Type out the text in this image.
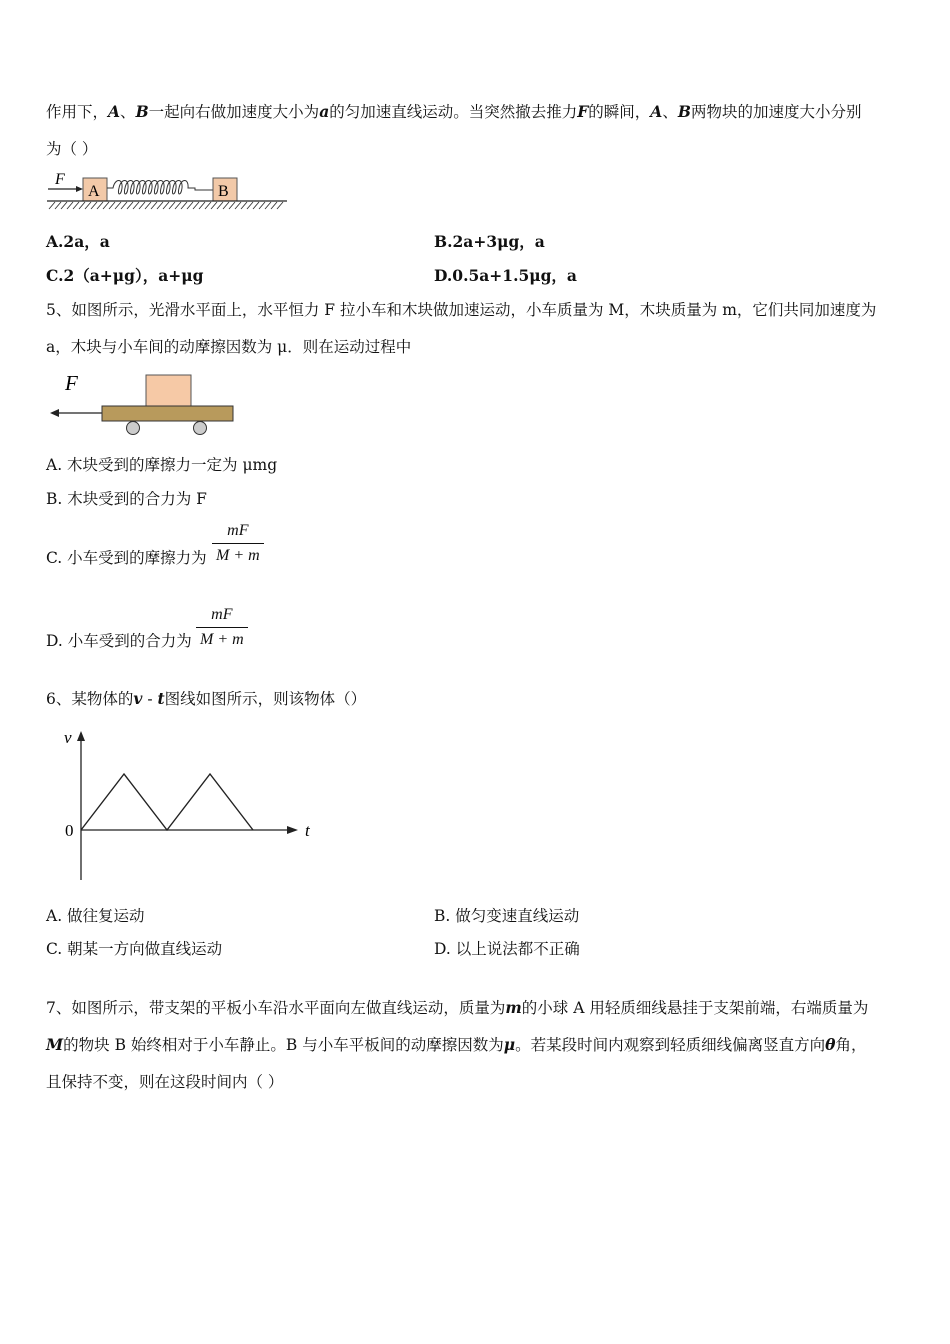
作用下，A、B一起向右做加速度大小为a的匀加速直线运动。当突然撤去推力F的瞬间，A、B两物块的加速度大小分别
为（ ）
F
A	B
A.2a，a	B.2a+3μg，a
C.2（a+μg），a+μg	D.0.5a+1.5μg，a
5、如图所示，光滑水平面上，水平恒力 F 拉小车和木块做加速运动，小车质量为 M，木块质量为 m，它们共同加速度为
a，木块与小车间的动摩擦因数为 μ．则在运动过程中
F
A. 木块受到的摩擦力一定为 μmg
B. 木块受到的合力为 F
C. 小车受到的摩擦力为
mF
M + m
D. 小车受到的合力为
mF
M + m
6、某物体的v - t图线如图所示，则该物体（）
v
t
0
A. 做往复运动	B. 做匀变速直线运动
C. 朝某一方向做直线运动	D. 以上说法都不正确
7、如图所示，带支架的平板小车沿水平面向左做直线运动，质量为m的小球 A 用轻质细线悬挂于支架前端，右端质量为
M的物块 B 始终相对于小车静止。B 与小车平板间的动摩擦因数为μ。若某段时间内观察到轻质细线偏离竖直方向θ角，
且保持不变，则在这段时间内（ ）
